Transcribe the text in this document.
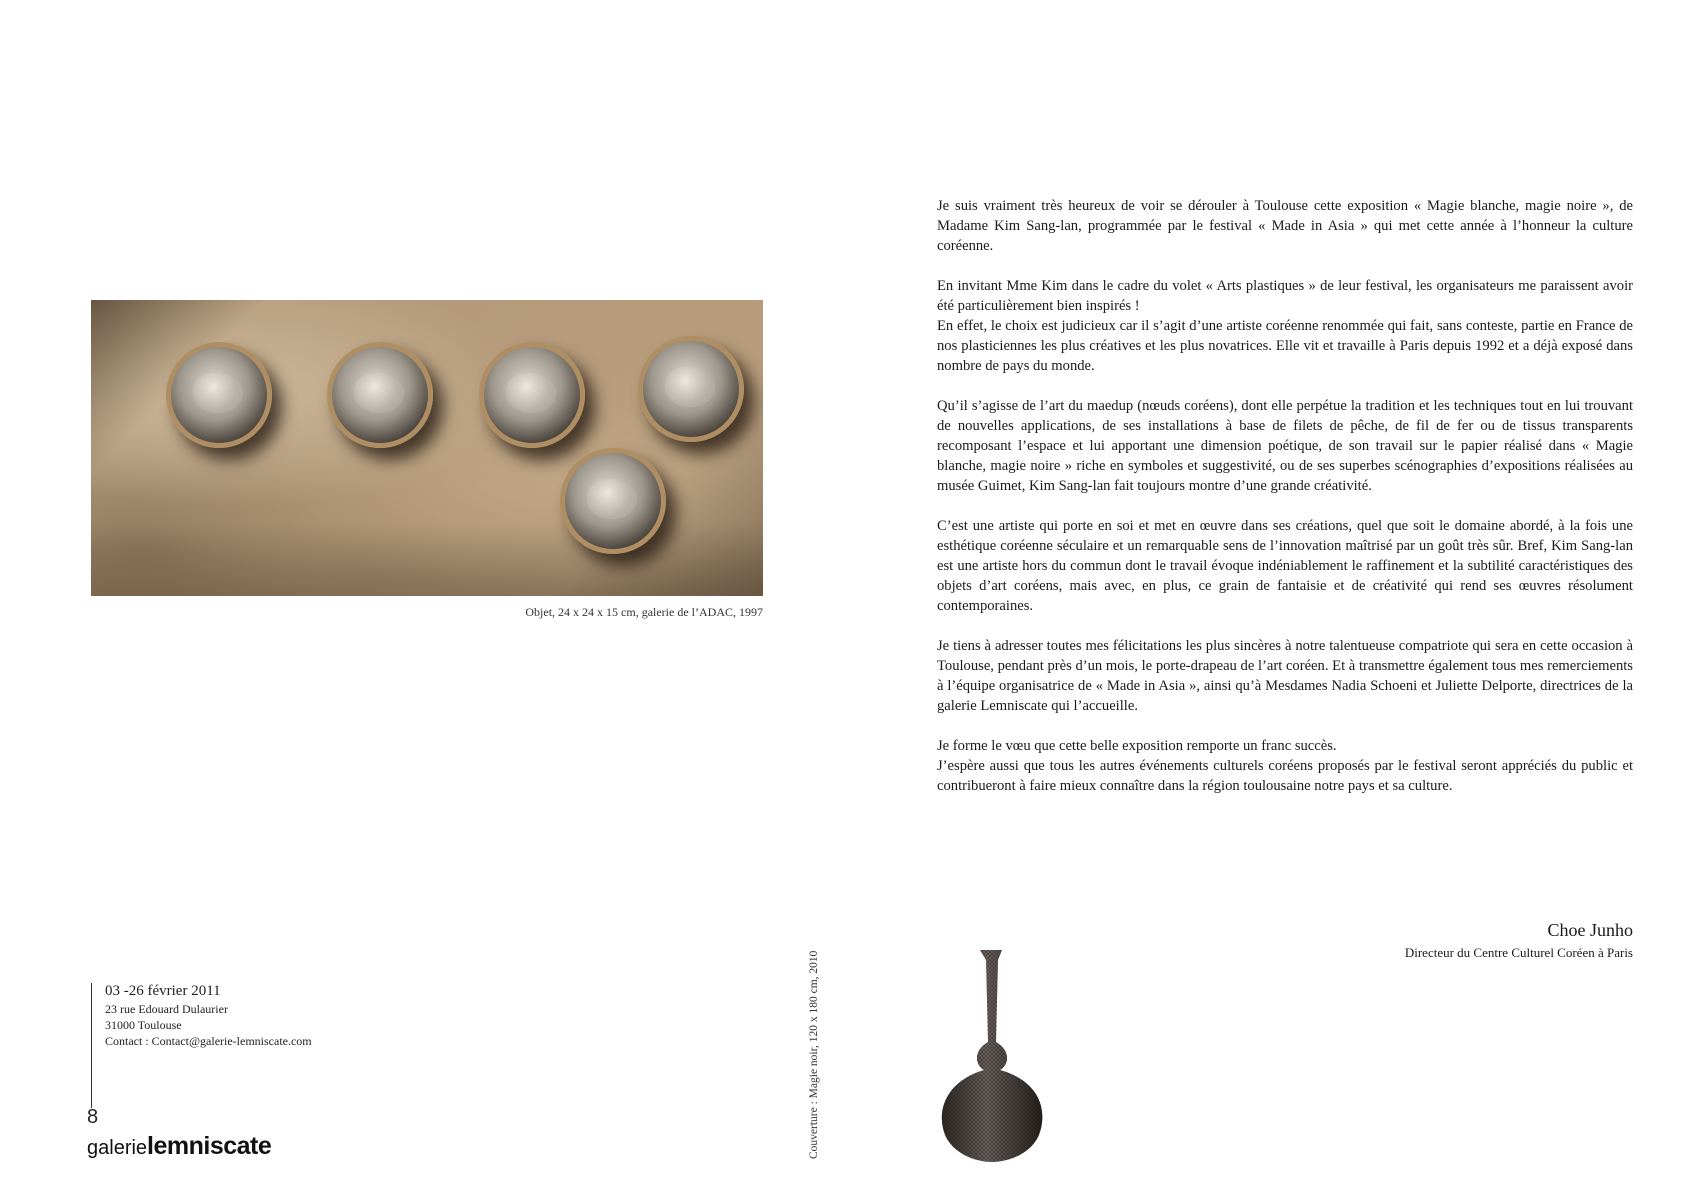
Objet, 24 x 24 x 15 cm, galerie de l’ADAC, 1997

Je suis vraiment très heureux de voir se dérouler à Toulouse cette exposition « Magie blanche, magie noire », de Madame Kim Sang-lan, programmée par le festival « Made in Asia » qui met cette année à l’honneur la culture coréenne.

En invitant Mme Kim dans le cadre du volet « Arts plastiques » de leur festival, les organisateurs me paraissent avoir été particulièrement bien inspirés !
En effet, le choix est judicieux car il s’agit d’une artiste coréenne renommée qui fait, sans conteste, partie en France de nos plasticiennes les plus créatives et les plus novatrices. Elle vit et travaille à Paris depuis 1992 et a déjà exposé dans nombre de pays du monde.

Qu’il s’agisse de l’art du maedup (nœuds coréens), dont elle perpétue la tradition et les techniques tout en lui trouvant de nouvelles applications, de ses installations à base de filets de pêche, de fil de fer ou de tissus transparents recomposant l’espace et lui apportant une dimension poétique, de son travail sur le papier réalisé dans « Magie blanche, magie noire » riche en symboles et suggestivité, ou de ses superbes scénographies d’expositions réalisées au musée Guimet, Kim Sang-lan fait toujours montre d’une grande créativité.

C’est une artiste qui porte en soi et met en œuvre dans ses créations, quel que soit le domaine abordé, à la fois une esthétique coréenne séculaire et un remarquable sens de l’innovation maîtrisé par un goût très sûr. Bref, Kim Sang-lan est une artiste hors du commun dont le travail évoque indéniablement le raffinement et la subtilité caractéristiques des objets d’art coréens, mais avec, en plus, ce grain de fantaisie et de créativité qui rend ses œuvres résolument contemporaines.

Je tiens à adresser toutes mes félicitations les plus sincères à notre talentueuse compatriote qui sera en cette occasion à Toulouse, pendant près d’un mois, le porte-drapeau de l’art coréen. Et à transmettre également tous mes remerciements à l’équipe organisatrice de « Made in Asia », ainsi qu’à Mesdames Nadia Schoeni et Juliette Delporte, directrices de la galerie Lemniscate qui l’accueille.

Je forme le vœu que cette belle exposition remporte un franc succès.
J’espère aussi que tous les autres événements culturels coréens proposés par le festival seront appréciés du public et contribueront à faire mieux connaître dans la région toulousaine notre pays et sa culture.

Choe Junho
Directeur du Centre Culturel Coréen à Paris
03 -26 février 2011
23 rue Edouard Dulaurier
31000 Toulouse
Contact : Contact@galerie-lemniscate.com
8
galerielemniscate	Couverture : Magie noir, 120 x 180 cm, 2010
